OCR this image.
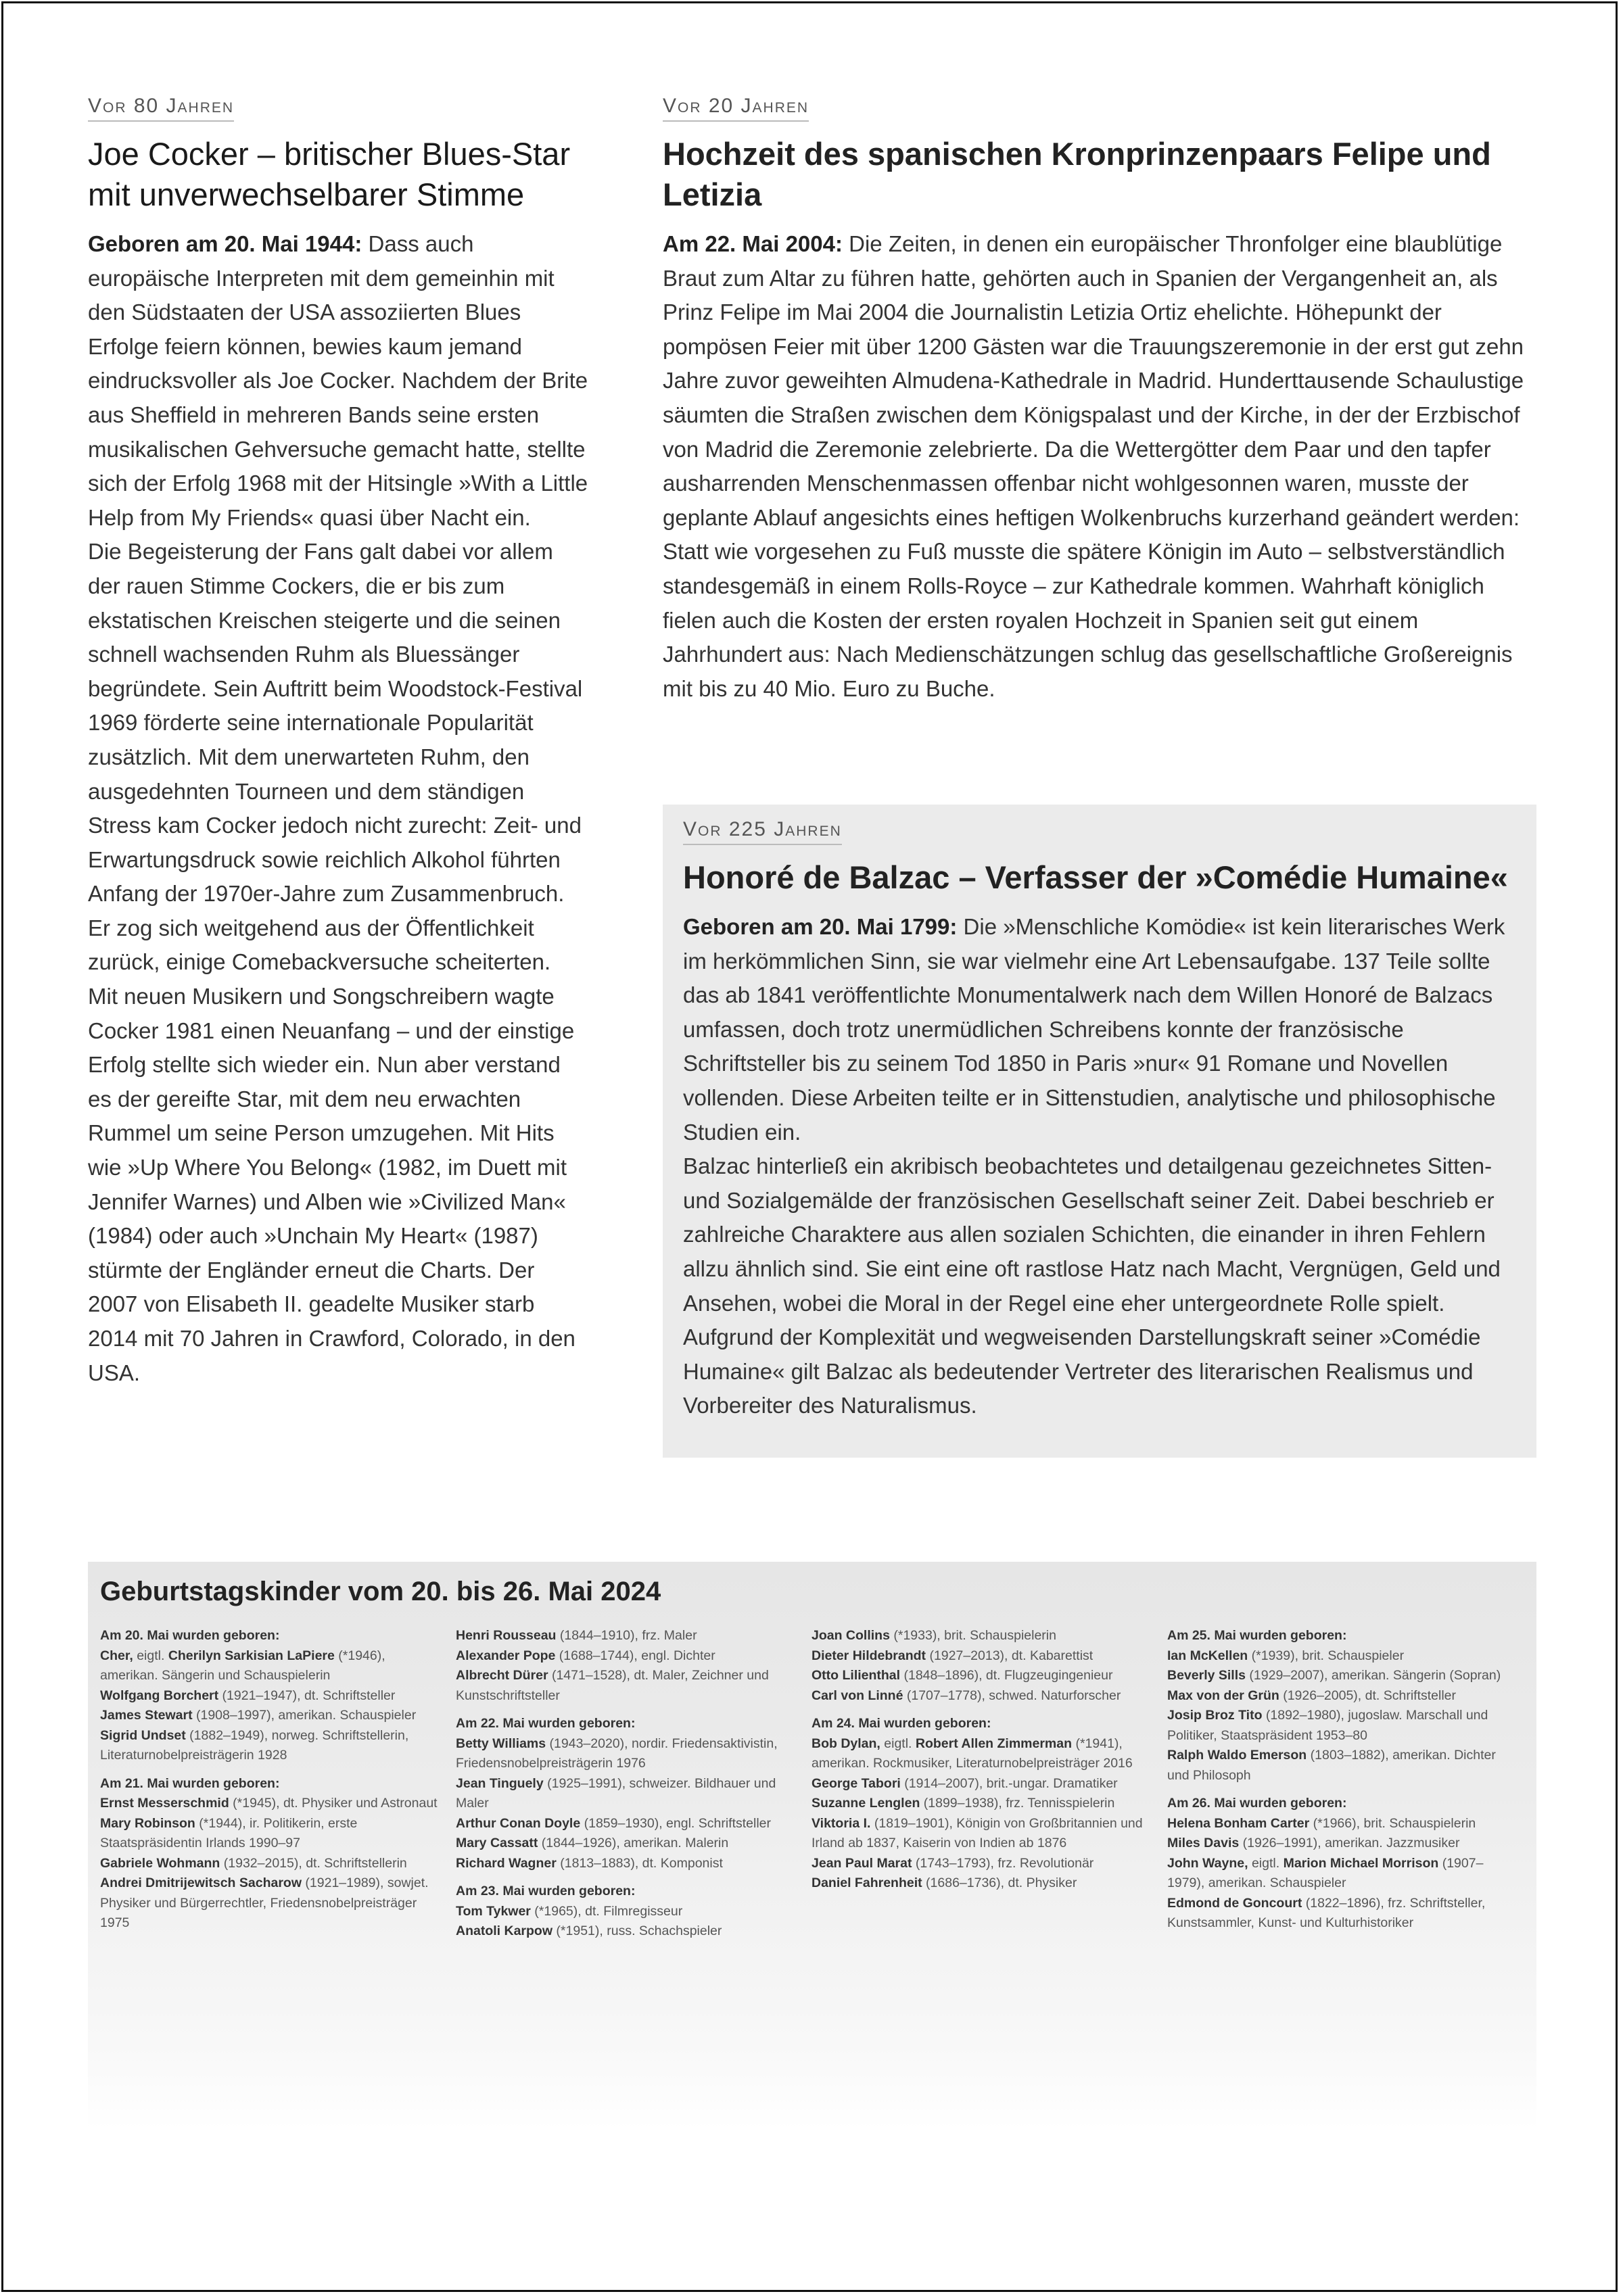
Vor 80 Jahren
Joe Cocker – britischer Blues-Star
mit unverwechselbarer Stimme

Geboren am 20. Mai 1944: Dass auch europäische Interpreten mit dem gemeinhin mit den Südstaaten der USA assoziierten Blues Erfolge feiern können, bewies kaum jemand eindrucksvoller als Joe Cocker. Nachdem der Brite aus Sheffield in mehreren Bands seine ersten musikalischen Gehversuche gemacht hatte, stellte sich der Erfolg 1968 mit der Hitsingle »With a Little Help from My Friends« quasi über Nacht ein.

Die Begeisterung der Fans galt dabei vor allem der rauen Stimme Cockers, die er bis zum ekstatischen Kreischen steigerte und die seinen schnell wachsenden Ruhm als Bluessänger begründete. Sein Auftritt beim Woodstock-Festival 1969 förderte seine internationale Popularität zusätzlich. Mit dem unerwarteten Ruhm, den ausgedehnten Tourneen und dem ständigen Stress kam Cocker jedoch nicht zurecht: Zeit- und Erwartungsdruck sowie reichlich Alkohol führten Anfang der 1970er-Jahre zum Zusammenbruch. Er zog sich weitgehend aus der Öffentlichkeit zurück, einige Comebackversuche scheiterten.

Mit neuen Musikern und Songschreibern wagte Cocker 1981 einen Neuanfang – und der einstige Erfolg stellte sich wieder ein. Nun aber verstand es der gereifte Star, mit dem neu erwachten Rummel um seine Person umzugehen. Mit Hits wie »Up Where You Belong« (1982, im Duett mit Jennifer Warnes) und Alben wie »Civilized Man« (1984) oder auch »Unchain My Heart« (1987) stürmte der Engländer erneut die Charts. Der 2007 von Elisabeth II. geadelte Musiker starb 2014 mit 70 Jahren in Crawford, Colorado, in den USA.

Vor 20 Jahren
Hochzeit des spanischen Kronprinzenpaars Felipe und Letizia

Am 22. Mai 2004: Die Zeiten, in denen ein europäischer Thronfolger eine blaublütige Braut zum Altar zu führen hatte, gehörten auch in Spanien der Vergangenheit an, als Prinz Felipe im Mai 2004 die Journalistin Letizia Ortiz ehelichte. Höhepunkt der pompösen Feier mit über 1200 Gästen war die Trauungszeremonie in der erst gut zehn Jahre zuvor geweihten Almudena-Kathedrale in Madrid. Hunderttausende Schaulustige säumten die Straßen zwischen dem Königspalast und der Kirche, in der der Erzbischof von Madrid die Zeremonie zelebrierte. Da die Wettergötter dem Paar und den tapfer ausharrenden Menschenmassen offenbar nicht wohlgesonnen waren, musste der geplante Ablauf angesichts eines heftigen Wolkenbruchs kurzerhand geändert werden: Statt wie vorgesehen zu Fuß musste die spätere Königin im Auto – selbstverständlich standesgemäß in einem Rolls-Royce – zur Kathedrale kommen. Wahrhaft königlich fielen auch die Kosten der ersten royalen Hochzeit in Spanien seit gut einem Jahrhundert aus: Nach Medienschätzungen schlug das gesellschaftliche Großereignis mit bis zu 40 Mio. Euro zu Buche.

Vor 225 Jahren
Honoré de Balzac – Verfasser der »Comédie Humaine«

Geboren am 20. Mai 1799: Die »Menschliche Komödie« ist kein literarisches Werk im herkömmlichen Sinn, sie war vielmehr eine Art Lebensaufgabe. 137 Teile sollte das ab 1841 veröffentlichte Monumentalwerk nach dem Willen Honoré de Balzacs umfassen, doch trotz unermüdlichen Schreibens konnte der französische Schriftsteller bis zu seinem Tod 1850 in Paris »nur« 91 Romane und Novellen vollenden. Diese Arbeiten teilte er in Sittenstudien, analytische und philosophische Studien ein.

Balzac hinterließ ein akribisch beobachtetes und detailgenau gezeichnetes Sitten- und Sozialgemälde der französischen Gesellschaft seiner Zeit. Dabei beschrieb er zahlreiche Charaktere aus allen sozialen Schichten, die einander in ihren Fehlern allzu ähnlich sind. Sie eint eine oft rastlose Hatz nach Macht, Vergnügen, Geld und Ansehen, wobei die Moral in der Regel eine eher untergeordnete Rolle spielt. Aufgrund der Komplexität und wegweisenden Darstellungskraft seiner »Comédie Humaine« gilt Balzac als bedeutender Vertreter des literarischen Realismus und Vorbereiter des Naturalismus.

Geburtstagskinder vom 20. bis 26. Mai 2024
Am 20. Mai wurden geboren:
Cher, eigtl. Cherilyn Sarkisian LaPiere (*1946), amerikan. Sängerin und Schauspielerin
Wolfgang Borchert (1921–1947), dt. Schriftsteller
James Stewart (1908–1997), amerikan. Schauspieler
Sigrid Undset (1882–1949), norweg. Schriftstellerin, Literaturnobelpreisträgerin 1928
Am 21. Mai wurden geboren:
Ernst Messerschmid (*1945), dt. Physiker und Astronaut
Mary Robinson (*1944), ir. Politikerin, erste Staatspräsidentin Irlands 1990–97
Gabriele Wohmann (1932–2015), dt. Schriftstellerin
Andrei Dmitrijewitsch Sacharow (1921–1989), sowjet. Physiker und Bürgerrechtler, Friedensnobelpreisträger 1975
Henri Rousseau (1844–1910), frz. Maler
Alexander Pope (1688–1744), engl. Dichter
Albrecht Dürer (1471–1528), dt. Maler, Zeichner und Kunstschriftsteller
Am 22. Mai wurden geboren:
Betty Williams (1943–2020), nordir. Friedensaktivistin, Friedensnobelpreisträgerin 1976
Jean Tinguely (1925–1991), schweizer. Bildhauer und Maler
Arthur Conan Doyle (1859–1930), engl. Schriftsteller
Mary Cassatt (1844–1926), amerikan. Malerin
Richard Wagner (1813–1883), dt. Komponist
Am 23. Mai wurden geboren:
Tom Tykwer (*1965), dt. Filmregisseur
Anatoli Karpow (*1951), russ. Schachspieler
Joan Collins (*1933), brit. Schauspielerin
Dieter Hildebrandt (1927–2013), dt. Kabarettist
Otto Lilienthal (1848–1896), dt. Flugzeugingenieur
Carl von Linné (1707–1778), schwed. Naturforscher
Am 24. Mai wurden geboren:
Bob Dylan, eigtl. Robert Allen Zimmerman (*1941), amerikan. Rockmusiker, Literaturnobelpreisträger 2016
George Tabori (1914–2007), brit.-ungar. Dramatiker
Suzanne Lenglen (1899–1938), frz. Tennisspielerin
Viktoria I. (1819–1901), Königin von Großbritannien und Irland ab 1837, Kaiserin von Indien ab 1876
Jean Paul Marat (1743–1793), frz. Revolutionär
Daniel Fahrenheit (1686–1736), dt. Physiker
Am 25. Mai wurden geboren:
Ian McKellen (*1939), brit. Schauspieler
Beverly Sills (1929–2007), amerikan. Sängerin (Sopran)
Max von der Grün (1926–2005), dt. Schriftsteller
Josip Broz Tito (1892–1980), jugoslaw. Marschall und Politiker, Staatspräsident 1953–80
Ralph Waldo Emerson (1803–1882), amerikan. Dichter und Philosoph
Am 26. Mai wurden geboren:
Helena Bonham Carter (*1966), brit. Schauspielerin
Miles Davis (1926–1991), amerikan. Jazzmusiker
John Wayne, eigtl. Marion Michael Morrison (1907–1979), amerikan. Schauspieler
Edmond de Goncourt (1822–1896), frz. Schriftsteller, Kunstsammler, Kunst- und Kulturhistoriker
